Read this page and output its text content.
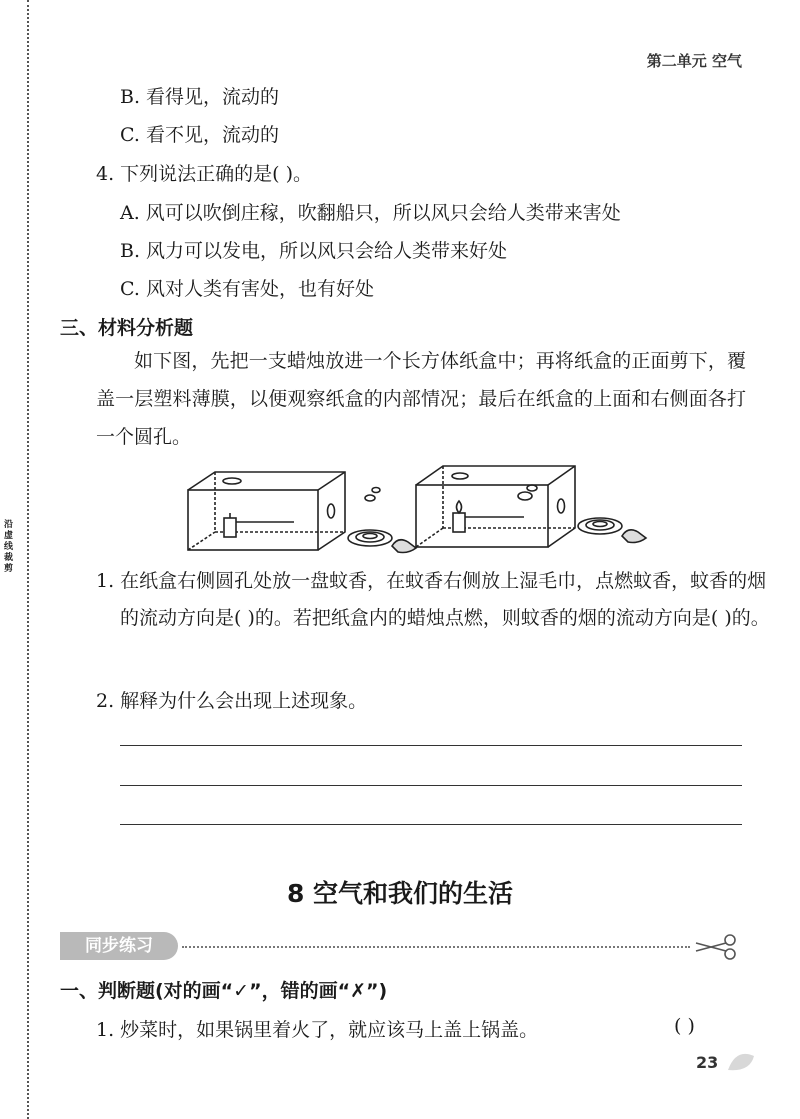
沿虚线裁剪
第二单元 空气
B. 看得见，流动的
C. 看不见，流动的
4. 下列说法正确的是( )。
A. 风可以吹倒庄稼，吹翻船只，所以风只会给人类带来害处
B. 风力可以发电，所以风只会给人类带来好处
C. 风对人类有害处，也有好处
三、材料分析题
如下图，先把一支蜡烛放进一个长方体纸盒中；再将纸盒的正面剪下，覆盖一层塑料薄膜，以便观察纸盒的内部情况；最后在纸盒的上面和右侧面各打一个圆孔。
1. 在纸盒右侧圆孔处放一盘蚊香，在蚊香右侧放上湿毛巾，点燃蚊香，蚊香的烟的流动方向是( )的。若把纸盒内的蜡烛点燃，则蚊香的烟的流动方向是( )的。
2. 解释为什么会出现上述现象。
8 空气和我们的生活
同步练习
一、判断题(对的画“✓”，错的画“✗”)
1. 炒菜时，如果锅里着火了，就应该马上盖上锅盖。	( )
23
